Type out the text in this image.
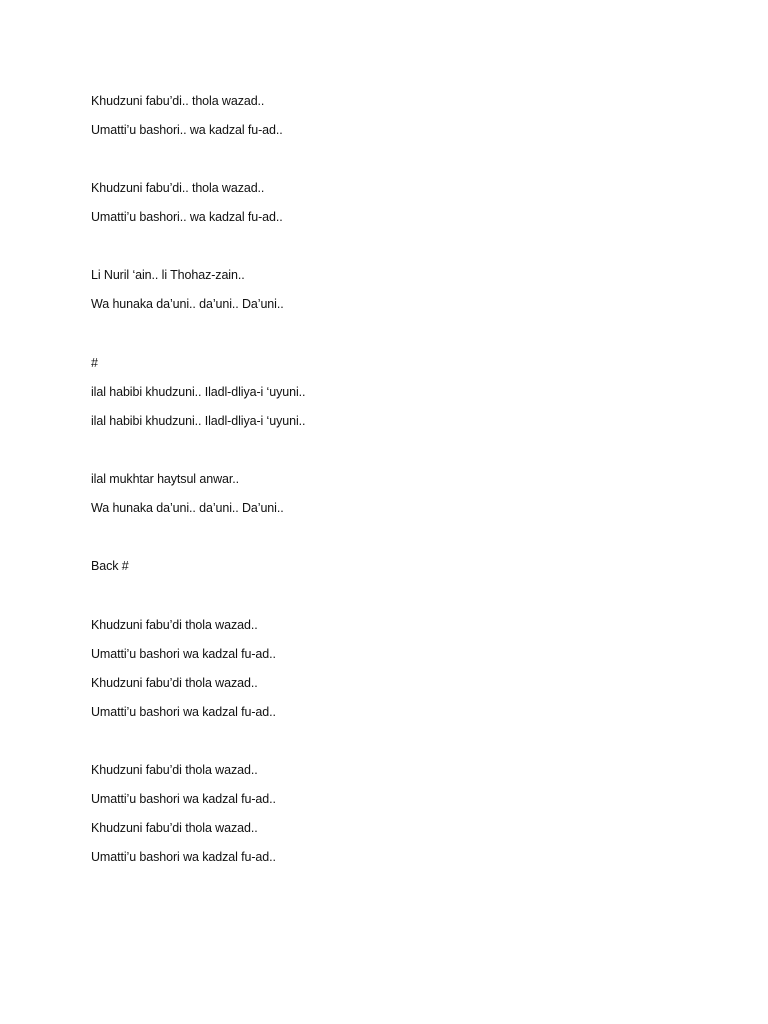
Khudzuni fabu’di.. thola wazad..

Umatti’u bashori.. wa kadzal fu-ad..

Khudzuni fabu’di.. thola wazad..

Umatti’u bashori.. wa kadzal fu-ad..

Li Nuril ‘ain.. li Thohaz-zain..

Wa hunaka da’uni.. da’uni.. Da’uni..

#

ilal habibi khudzuni.. Iladl-dliya-i ‘uyuni..

ilal habibi khudzuni.. Iladl-dliya-i ‘uyuni..

ilal mukhtar haytsul anwar..

Wa hunaka da’uni.. da’uni.. Da’uni..

Back #

Khudzuni fabu’di thola wazad..

Umatti’u bashori wa kadzal fu-ad..

Khudzuni fabu’di thola wazad..

Umatti’u bashori wa kadzal fu-ad..

Khudzuni fabu’di thola wazad..

Umatti’u bashori wa kadzal fu-ad..

Khudzuni fabu’di thola wazad..

Umatti’u bashori wa kadzal fu-ad..
